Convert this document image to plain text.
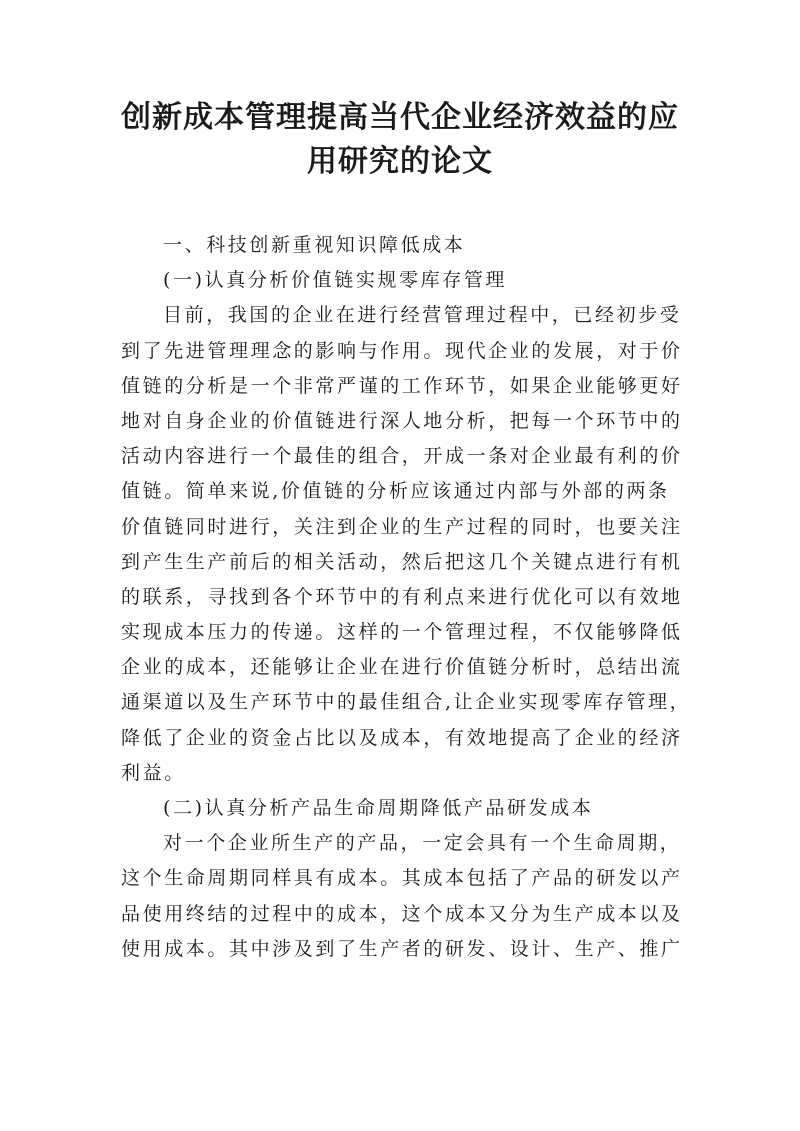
创新成本管理提高当代企业经济效益的应
用研究的论文
一、科技创新重视知识障低成本
(一)认真分析价值链实规零库存管理
目前，我国的企业在进行经营管理过程中，已经初步受
到了先进管理理念的影响与作用。现代企业的发展，对于价
值链的分析是一个非常严谨的工作环节，如果企业能够更好
地对自身企业的价值链进行深人地分析，把每一个环节中的
活动内容进行一个最佳的组合，开成一条对企业最有利的价
值链。简单来说,价值链的分析应该通过内部与外部的两条
价值链同时进行，关注到企业的生产过程的同时，也要关注
到产生生产前后的相关活动，然后把这几个关键点进行有机
的联系，寻找到各个环节中的有利点来进行优化可以有效地
实现成本压力的传递。这样的一个管理过程，不仅能够降低
企业的成本，还能够让企业在进行价值链分析时，总结出流
通渠道以及生产环节中的最佳组合,让企业实现零库存管理，
降低了企业的资金占比以及成本，有效地提高了企业的经济
利益。
(二)认真分析产品生命周期降低产品研发成本
对一个企业所生产的产品，一定会具有一个生命周期，
这个生命周期同样具有成本。其成本包括了产品的研发以产
品使用终结的过程中的成本，这个成本又分为生产成本以及
使用成本。其中涉及到了生产者的研发、设计、生产、推广
